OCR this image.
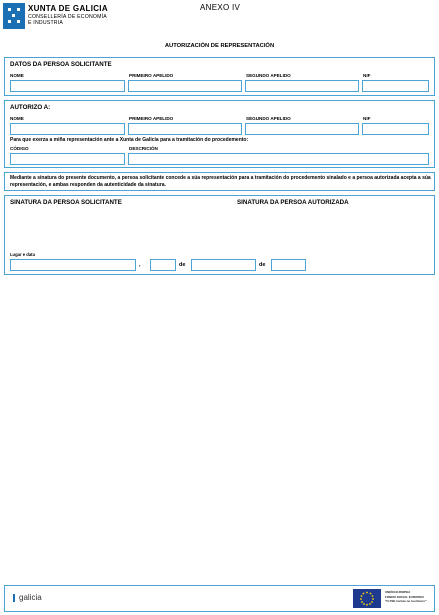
XUNTA DE GALICIA
CONSELLERÍA DE ECONOMÍA
E INDUSTRIA
ANEXO IV
AUTORIZACIÓN DE REPRESENTACIÓN
DATOS DA PERSOA SOLICITANTE
NOME	PRIMEIRO APELIDO	SEGUNDO APELIDO	NIF
AUTORIZO A:
NOME	PRIMEIRO APELIDO	SEGUNDO APELIDO	NIF
Para que exerza a miña representación ante a Xunta de Galicia para a tramitación do procedemento:
CÓDIGO	DESCRICIÓN
Mediante a sinatura do presente documento, a persoa solicitante concede a súa representación para a tramitación do procedemento sinalado e a persoa autorizada acepta a súa representación, e ambas responden da autenticidade da sinatura.
SINATURA DA PERSOA SOLICITANTE	SINATURA DA PERSOA AUTORIZADA
Lugar e data
,	de	de
galicia
UNIÓN EUROPEA
FONDO SOCIAL EUROPEO
"O FSE inviste no teu futuro"
